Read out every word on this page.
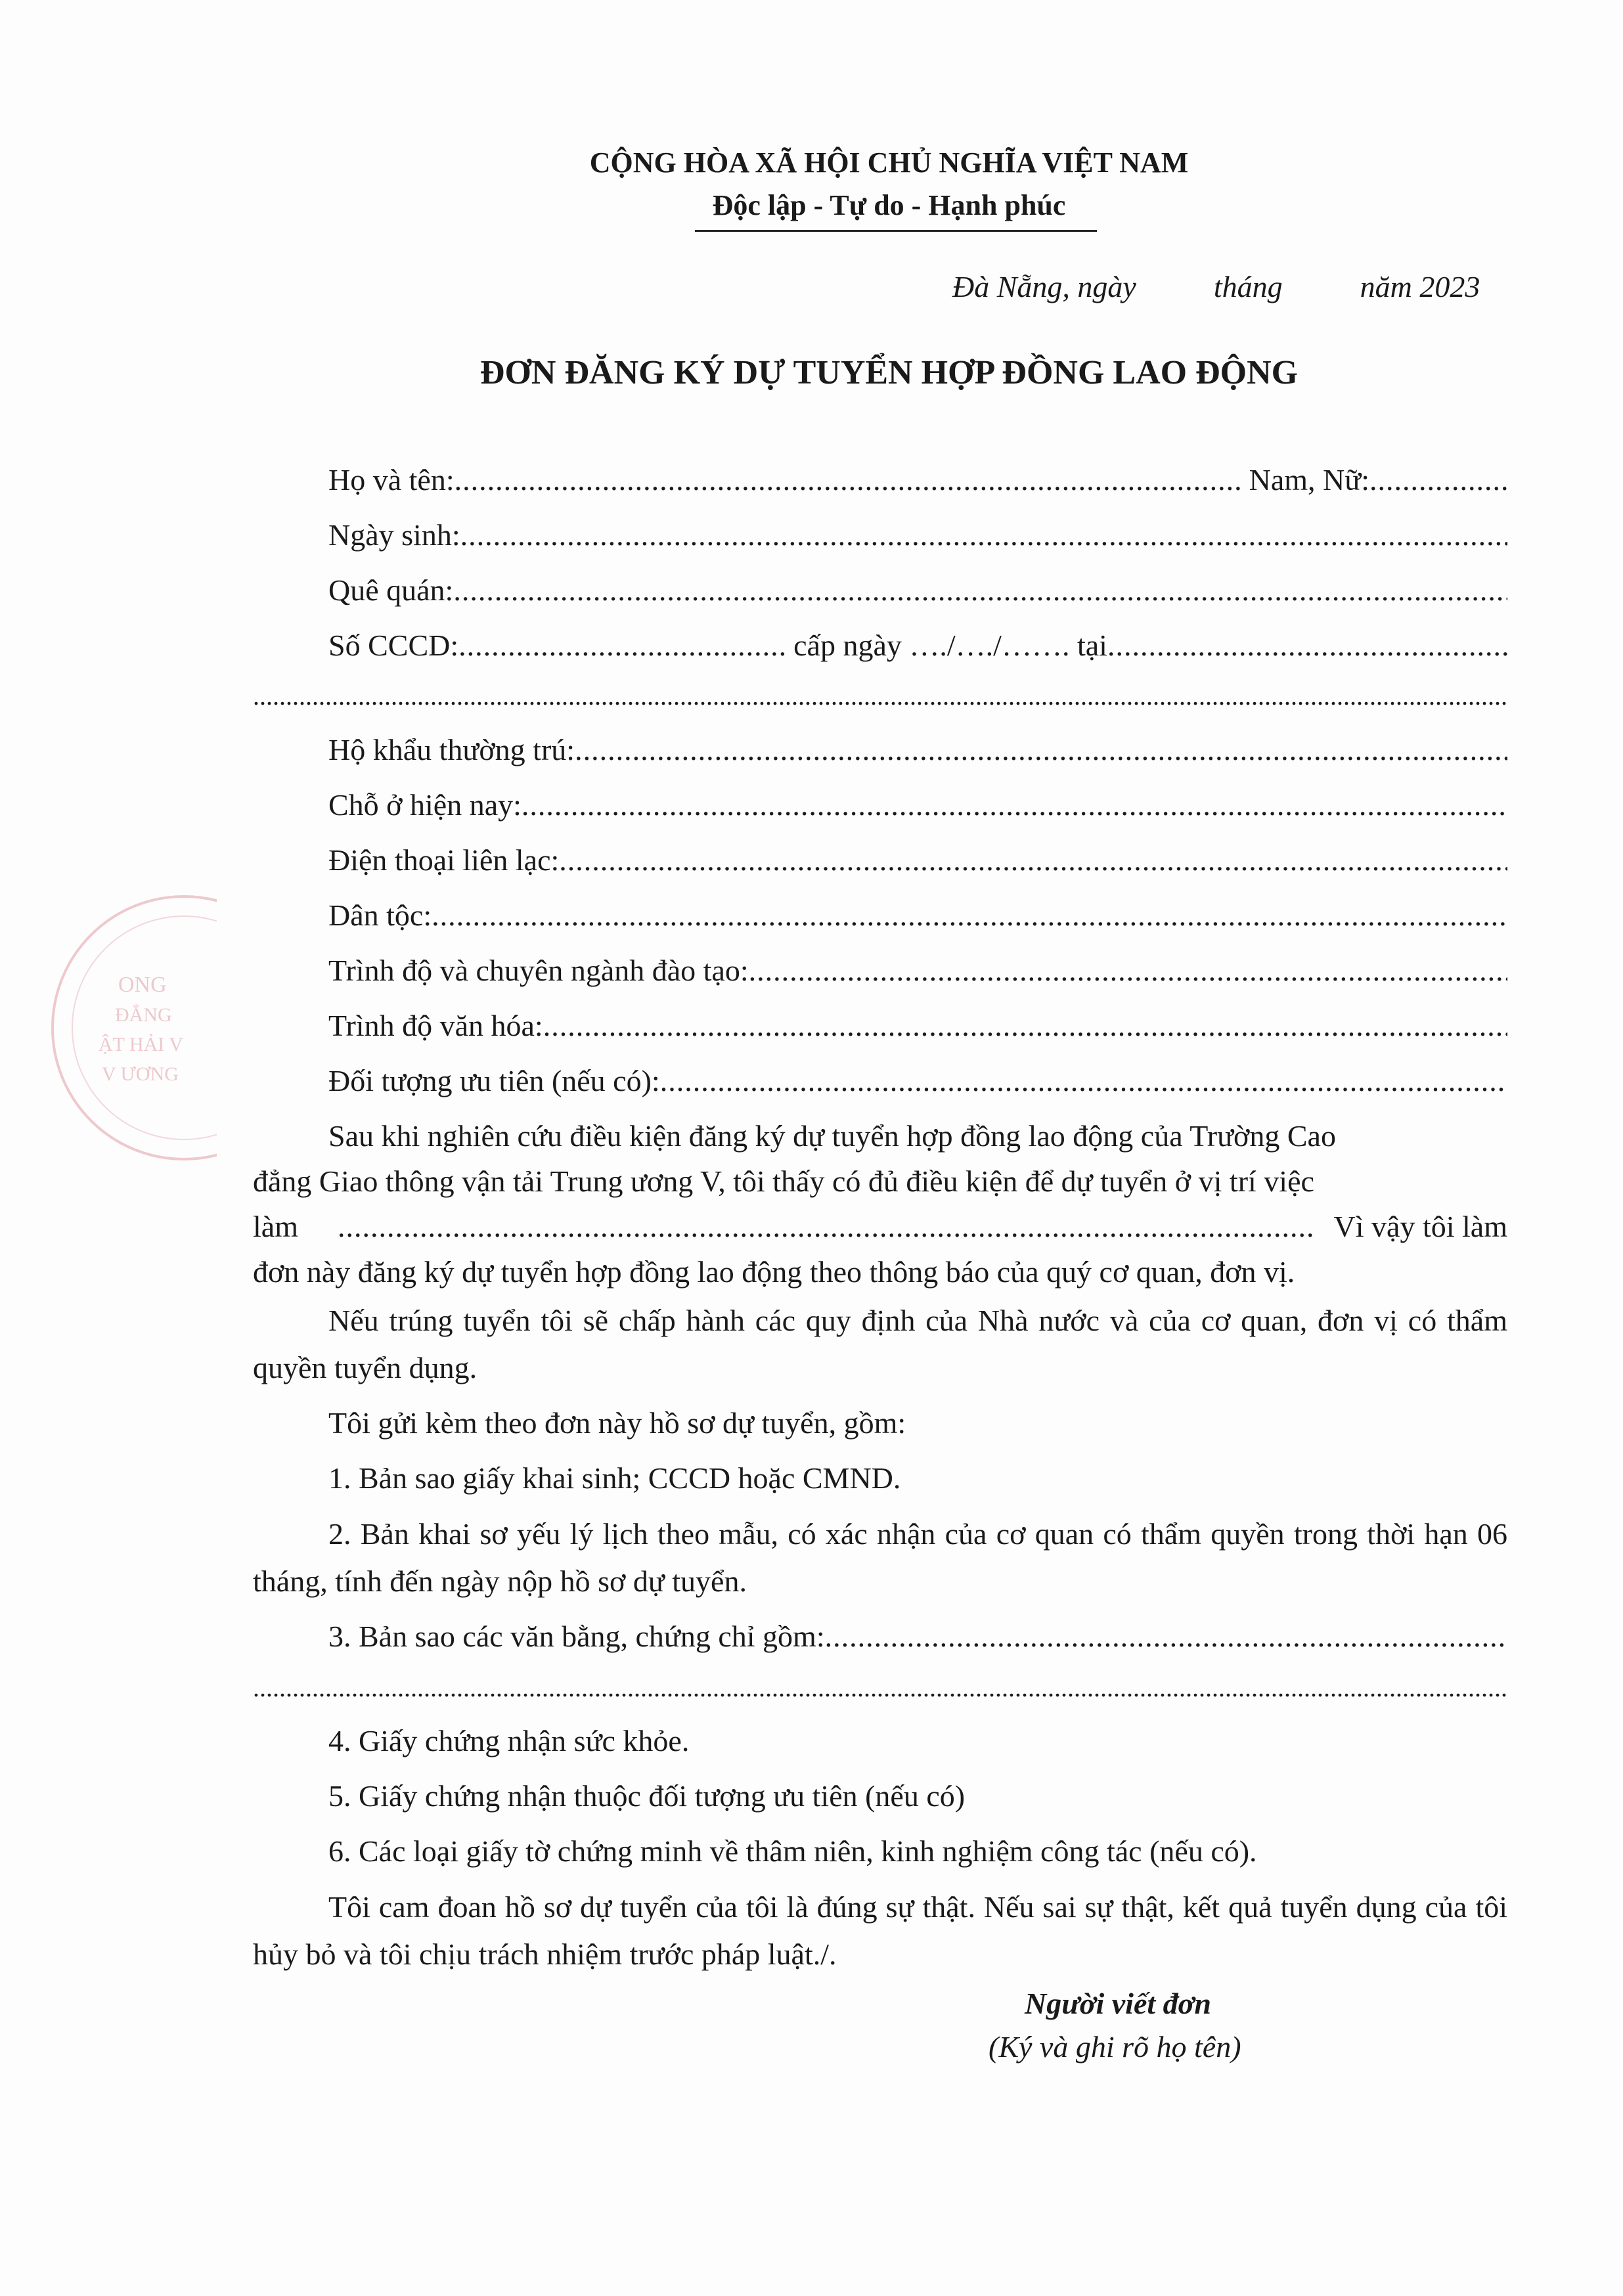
ONG
ĐẲNG
ẬT HẢI V
V ƯƠNG
CỘNG HÒA XÃ HỘI CHỦ NGHĨA VIỆT NAM
Độc lập - Tự do - Hạnh phúc
Đà Nẵng, ngày	tháng	năm 2023
ĐƠN ĐĂNG KÝ DỰ TUYỂN HỢP ĐỒNG LAO ĐỘNG
Họ và tên: .....	Nam, Nữ:
.....
Ngày sinh:
.....
Quê quán:
.....
Số CCCD: .....	cấp ngày …./…./……. tại
.....
.....
Hộ khẩu thường trú:
.....
Chỗ ở hiện nay:
.....
Điện thoại liên lạc:
.....
Dân tộc:
.....
Trình độ và chuyên ngành đào tạo:
.....
Trình độ văn hóa:
.....
Đối tượng ưu tiên (nếu có):
.....
Sau khi nghiên cứu điều kiện đăng ký dự tuyển hợp đồng lao động của Trường Cao
đẳng Giao thông vận tải Trung ương V, tôi thấy có đủ điều kiện để dự tuyển ở vị trí việc
làm .....	Vì vậy tôi làm
đơn này đăng ký dự tuyển hợp đồng lao động theo thông báo của quý cơ quan, đơn vị.
Nếu trúng tuyển tôi sẽ chấp hành các quy định của Nhà nước và của cơ quan, đơn vị có thẩm quyền tuyển dụng.
Tôi gửi kèm theo đơn này hồ sơ dự tuyển, gồm:
1. Bản sao giấy khai sinh; CCCD hoặc CMND.
2. Bản khai sơ yếu lý lịch theo mẫu, có xác nhận của cơ quan có thẩm quyền trong thời hạn 06 tháng, tính đến ngày nộp hồ sơ dự tuyển.
3. Bản sao các văn bằng, chứng chỉ gồm:
.....
.....
4. Giấy chứng nhận sức khỏe.
5. Giấy chứng nhận thuộc đối tượng ưu tiên (nếu có)
6. Các loại giấy tờ chứng minh về thâm niên, kinh nghiệm công tác (nếu có).
Tôi cam đoan hồ sơ dự tuyển của tôi là đúng sự thật. Nếu sai sự thật, kết quả tuyển dụng của tôi hủy bỏ và tôi chịu trách nhiệm trước pháp luật./.
Người viết đơn
(Ký và ghi rõ họ tên)
